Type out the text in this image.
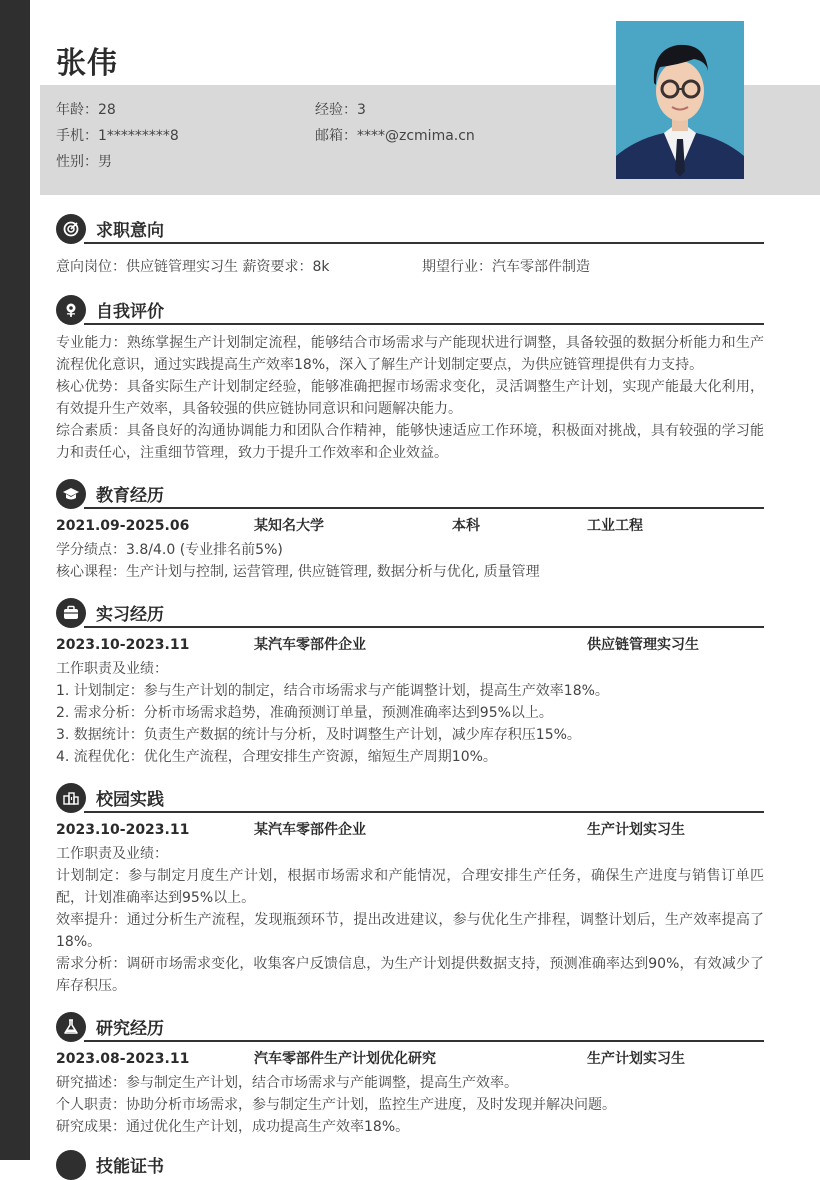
张伟
年龄：28	经验：3
手机：1*********8	邮箱：****@zcmima.cn
性别：男
求职意向
意向岗位：供应链管理实习生 薪资要求：8k	期望行业：汽车零部件制造
自我评价

专业能力：熟练掌握生产计划制定流程，能够结合市场需求与产能现状进行调整，具备较强的数据分析能力和生产流程优化意识，通过实践提高生产效率18%，深入了解生产计划制定要点，为供应链管理提供有力支持。

核心优势：具备实际生产计划制定经验，能够准确把握市场需求变化，灵活调整生产计划，实现产能最大化利用，有效提升生产效率，具备较强的供应链协同意识和问题解决能力。

综合素质：具备良好的沟通协调能力和团队合作精神，能够快速适应工作环境，积极面对挑战，具有较强的学习能力和责任心，注重细节管理，致力于提升工作效率和企业效益。

教育经历
2021.09-2025.06	某知名大学	本科	工业工程
学分绩点：3.8/4.0 (专业排名前5%)
核心课程：生产计划与控制, 运营管理, 供应链管理, 数据分析与优化, 质量管理
实习经历
2023.10-2023.11	某汽车零部件企业	供应链管理实习生
工作职责及业绩：
1. 计划制定：参与生产计划的制定，结合市场需求与产能调整计划，提高生产效率18%。
2. 需求分析：分析市场需求趋势，准确预测订单量，预测准确率达到95%以上。
3. 数据统计：负责生产数据的统计与分析，及时调整生产计划，减少库存积压15%。
4. 流程优化：优化生产流程，合理安排生产资源，缩短生产周期10%。
校园实践
2023.10-2023.11	某汽车零部件企业	生产计划实习生
工作职责及业绩：
计划制定：参与制定月度生产计划，根据市场需求和产能情况，合理安排生产任务，确保生产进度与销售订单匹配，计划准确率达到95%以上。
效率提升：通过分析生产流程，发现瓶颈环节，提出改进建议，参与优化生产排程，调整计划后，生产效率提高了18%。
需求分析：调研市场需求变化，收集客户反馈信息，为生产计划提供数据支持，预测准确率达到90%，有效减少了库存积压。
研究经历
2023.08-2023.11	汽车零部件生产计划优化研究	生产计划实习生
研究描述：参与制定生产计划，结合市场需求与产能调整，提高生产效率。
个人职责：协助分析市场需求，参与制定生产计划，监控生产进度，及时发现并解决问题。
研究成果：通过优化生产计划，成功提高生产效率18%。
技能证书
